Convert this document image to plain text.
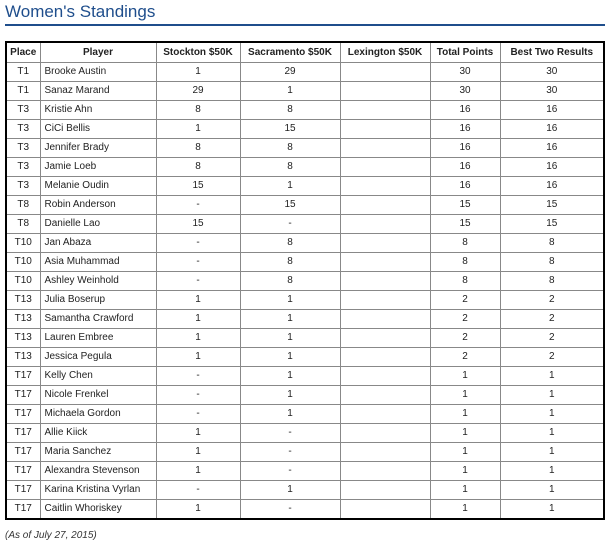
Women's Standings
Place	Player	Stockton $50K	Sacramento $50K	Lexington $50K	Total Points	Best Two Results
T1	Brooke Austin	1	29		30	30
T1	Sanaz Marand	29	1		30	30
T3	Kristie Ahn	8	8		16	16
T3	CiCi Bellis	1	15		16	16
T3	Jennifer Brady	8	8		16	16
T3	Jamie Loeb	8	8		16	16
T3	Melanie Oudin	15	1		16	16
T8	Robin Anderson	-	15		15	15
T8	Danielle Lao	15	-		15	15
T10	Jan Abaza	-	8		8	8
T10	Asia Muhammad	-	8		8	8
T10	Ashley Weinhold	-	8		8	8
T13	Julia Boserup	1	1		2	2
T13	Samantha Crawford	1	1		2	2
T13	Lauren Embree	1	1		2	2
T13	Jessica Pegula	1	1		2	2
T17	Kelly Chen	-	1		1	1
T17	Nicole Frenkel	-	1		1	1
T17	Michaela Gordon	-	1		1	1
T17	Allie Kiick	1	-		1	1
T17	Maria Sanchez	1	-		1	1
T17	Alexandra Stevenson	1	-		1	1
T17	Karina Kristina Vyrlan	-	1		1	1
T17	Caitlin Whoriskey	1	-		1	1
(As of July 27, 2015)
